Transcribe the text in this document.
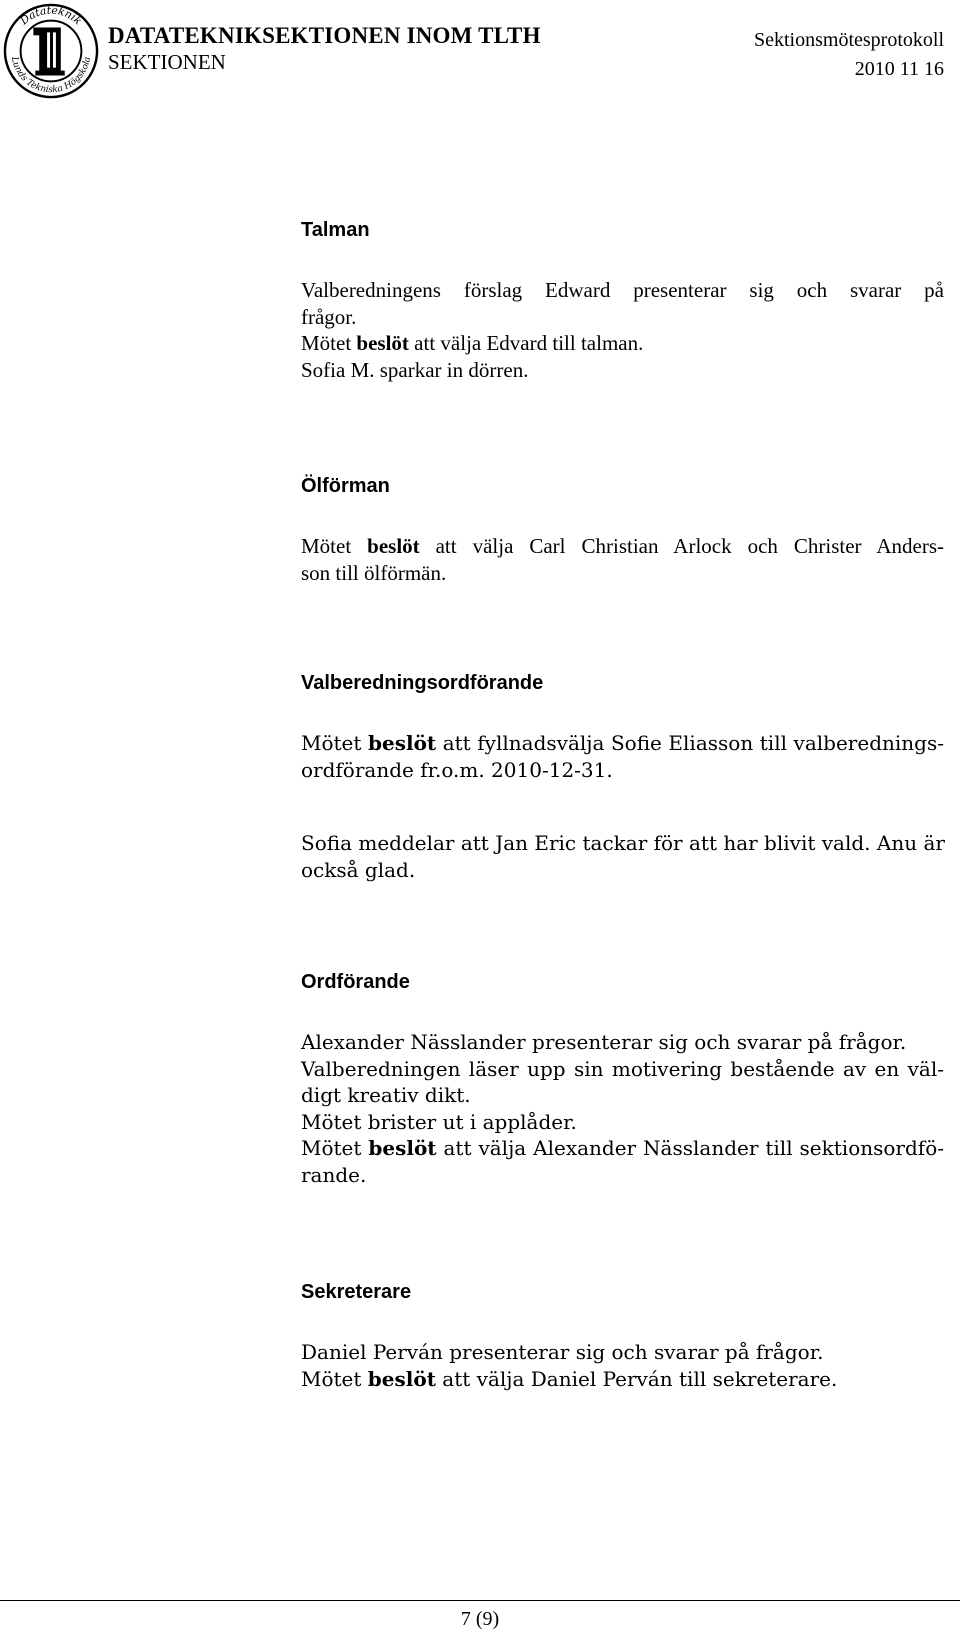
Datateknik
Lunds Tekniska Högskola
DATATEKNIKSEKTIONEN INOM TLTH
SEKTIONEN
Sektionsmötesprotokoll
2010 11 16
Talman
Valberedningens förslag Edward presenterar sig och svarar på
frågor.
Mötet beslöt att välja Edvard till talman.
Sofia M. sparkar in dörren.
Ölförman
Mötet beslöt att välja Carl Christian Arlock och Christer Anders-
son till ölförmän.
Valberedningsordförande
Mötet beslöt att fyllnadsvälja Sofie Eliasson till valberednings-
ordförande fr.o.m. 2010-12-31.
Sofia meddelar att Jan Eric tackar för att har blivit vald. Anu är
också glad.
Ordförande
Alexander Nässlander presenterar sig och svarar på frågor.
Valberedningen läser upp sin motivering bestående av en väl-
digt kreativ dikt.
Mötet brister ut i applåder.
Mötet beslöt att välja Alexander Nässlander till sektionsordfö-
rande.
Sekreterare
Daniel Perván presenterar sig och svarar på frågor.
Mötet beslöt att välja Daniel Perván till sekreterare.
7 (9)
